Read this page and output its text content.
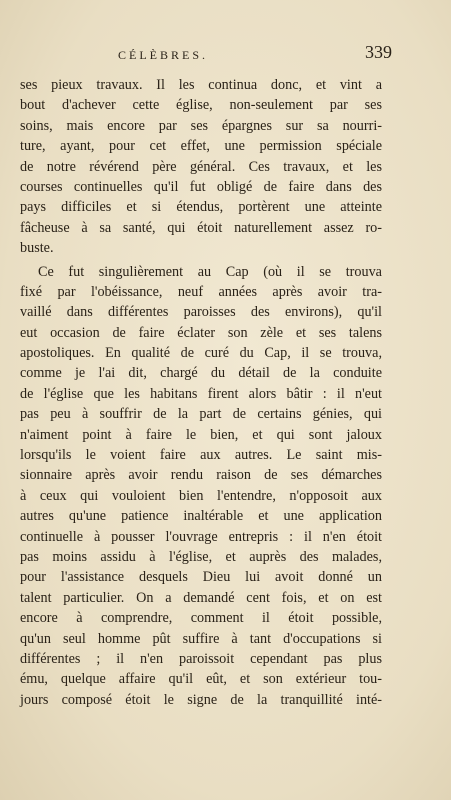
CÉLÈBRES.	339
ses pieux travaux. Il les continua donc, et vint a
bout d'achever cette église, non-seulement par ses
soins, mais encore par ses épargnes sur sa nourri-
ture, ayant, pour cet effet, une permission spéciale
de notre révérend père général. Ces travaux, et les
courses continuelles qu'il fut obligé de faire dans des
pays difficiles et si étendus, portèrent une atteinte
fâcheuse à sa santé, qui étoit naturellement assez ro-
buste.
Ce fut singulièrement au Cap (où il se trouva
fixé par l'obéissance, neuf années après avoir tra-
vaillé dans différentes paroisses des environs), qu'il
eut occasion de faire éclater son zèle et ses talens
apostoliques. En qualité de curé du Cap, il se trouva,
comme je l'ai dit, chargé du détail de la conduite
de l'église que les habitans firent alors bâtir : il n'eut
pas peu à souffrir de la part de certains génies, qui
n'aiment point à faire le bien, et qui sont jaloux
lorsqu'ils le voient faire aux autres. Le saint mis-
sionnaire après avoir rendu raison de ses démarches
à ceux qui vouloient bien l'entendre, n'opposoit aux
autres qu'une patience inaltérable et une application
continuelle à pousser l'ouvrage entrepris : il n'en étoit
pas moins assidu à l'église, et auprès des malades,
pour l'assistance desquels Dieu lui avoit donné un
talent particulier. On a demandé cent fois, et on est
encore à comprendre, comment il étoit possible,
qu'un seul homme pût suffire à tant d'occupations si
différentes ; il n'en paroissoit cependant pas plus
ému, quelque affaire qu'il eût, et son extérieur tou-
jours composé étoit le signe de la tranquillité inté-
